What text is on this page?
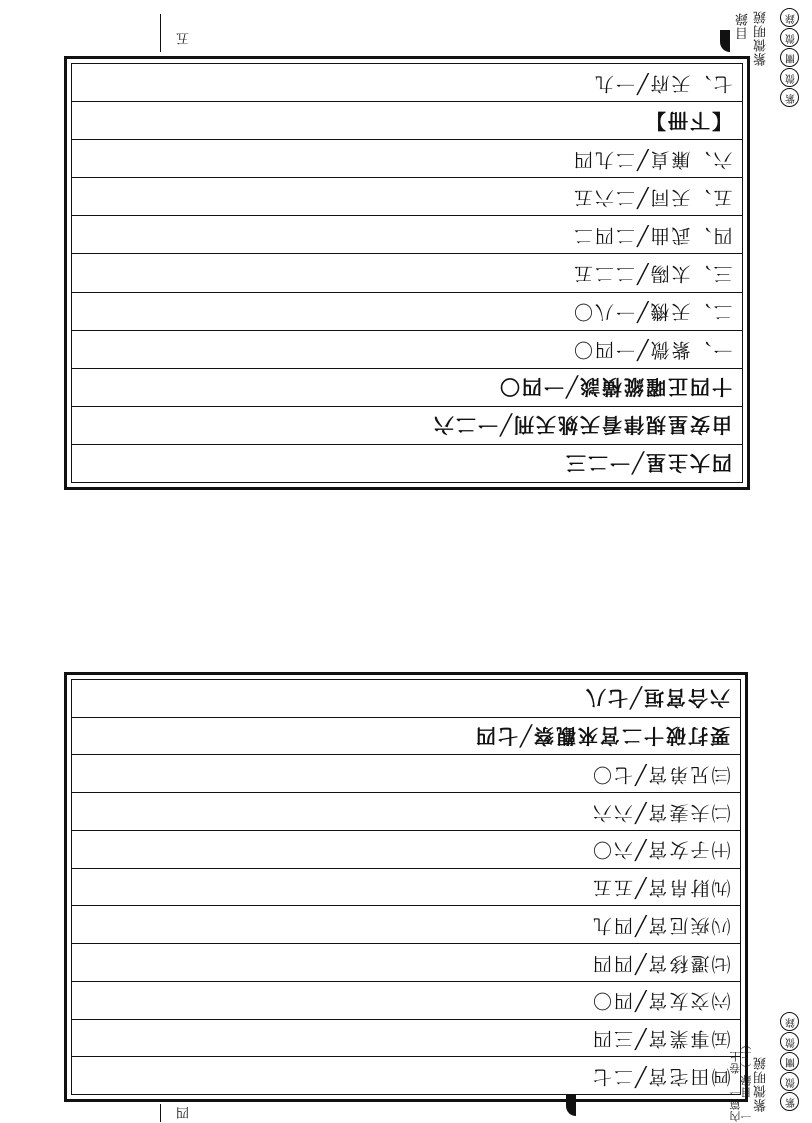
紫
微
闡
微
錄
紫微明鏡
目錄
五
七、天府╱一九
【下冊】
六、廉貞╱二九四
五、天同╱二六五
四、武曲╱二四二
三、太陽╱二二五
二、天機╱一八〇
一、紫微╱一四〇
十四正曜縱橫談╱一四〇
由安星規律看天姚天刑╱一二六
四大主星╱一二三
六合宮垣╱七八
要打破十二宮來觀察╱七四
㈢兄弟宮╱七〇
㈡夫妻宮╱六六
㈩子女宮╱六〇
㈨財帛宮╱五五
㈧疾厄宮╱四九
㈦遷移宮╱四四
㈥交友宮╱四〇
㈤事業宮╱三四
㈣田宅宮╱二七
紫
微
闡
微
錄
紫微明鏡
內篇一　卷上一　目錄（上）
四
